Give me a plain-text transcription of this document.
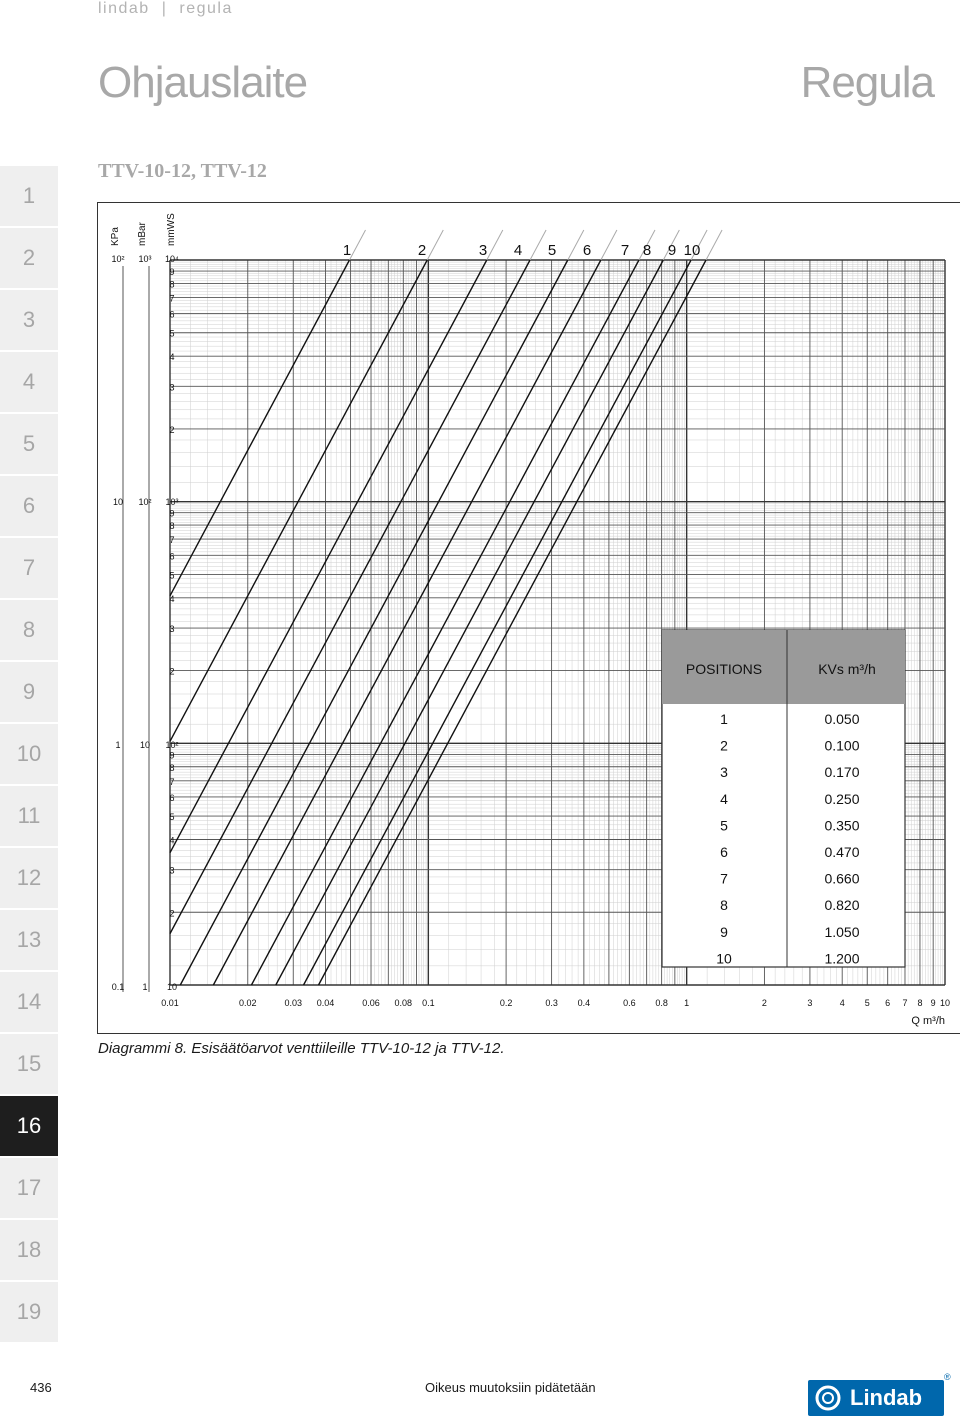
lindab | regula
Ohjauslaite	Regula
TTV-10-12, TTV-12
1
2
3
4
5
6
7
8
9
10
11
12
13
14
15
16
17
18
19
1	2	3 4 5 6 7 8 9 10
KPa mBar mmWS
10²
10
1
0.1
10³
10²
10
1
10⁴
10³
10²
10
2
3
4
5
6
7
8
9
2
3
4
5
6
7
8
9
2
3
4
5
6
7
8
9
0.01	0.02	0.03 0.04	0.06 0.08 0.1	0.2	0.3 0.4	0.6 0.8 1	2	3	4 5 6 7 8 9 10
Q m³/h
POSITIONS	KVs m³/h
1	0.050
2	0.100
3	0.170
4	0.250
5	0.350
6	0.470
7	0.660
8	0.820
9	1.050
10	1.200
Diagrammi 8. Esisäätöarvot venttiileille TTV-10-12 ja TTV-12.
436	Oikeus muutoksiin pidätetään	Lindab
®
